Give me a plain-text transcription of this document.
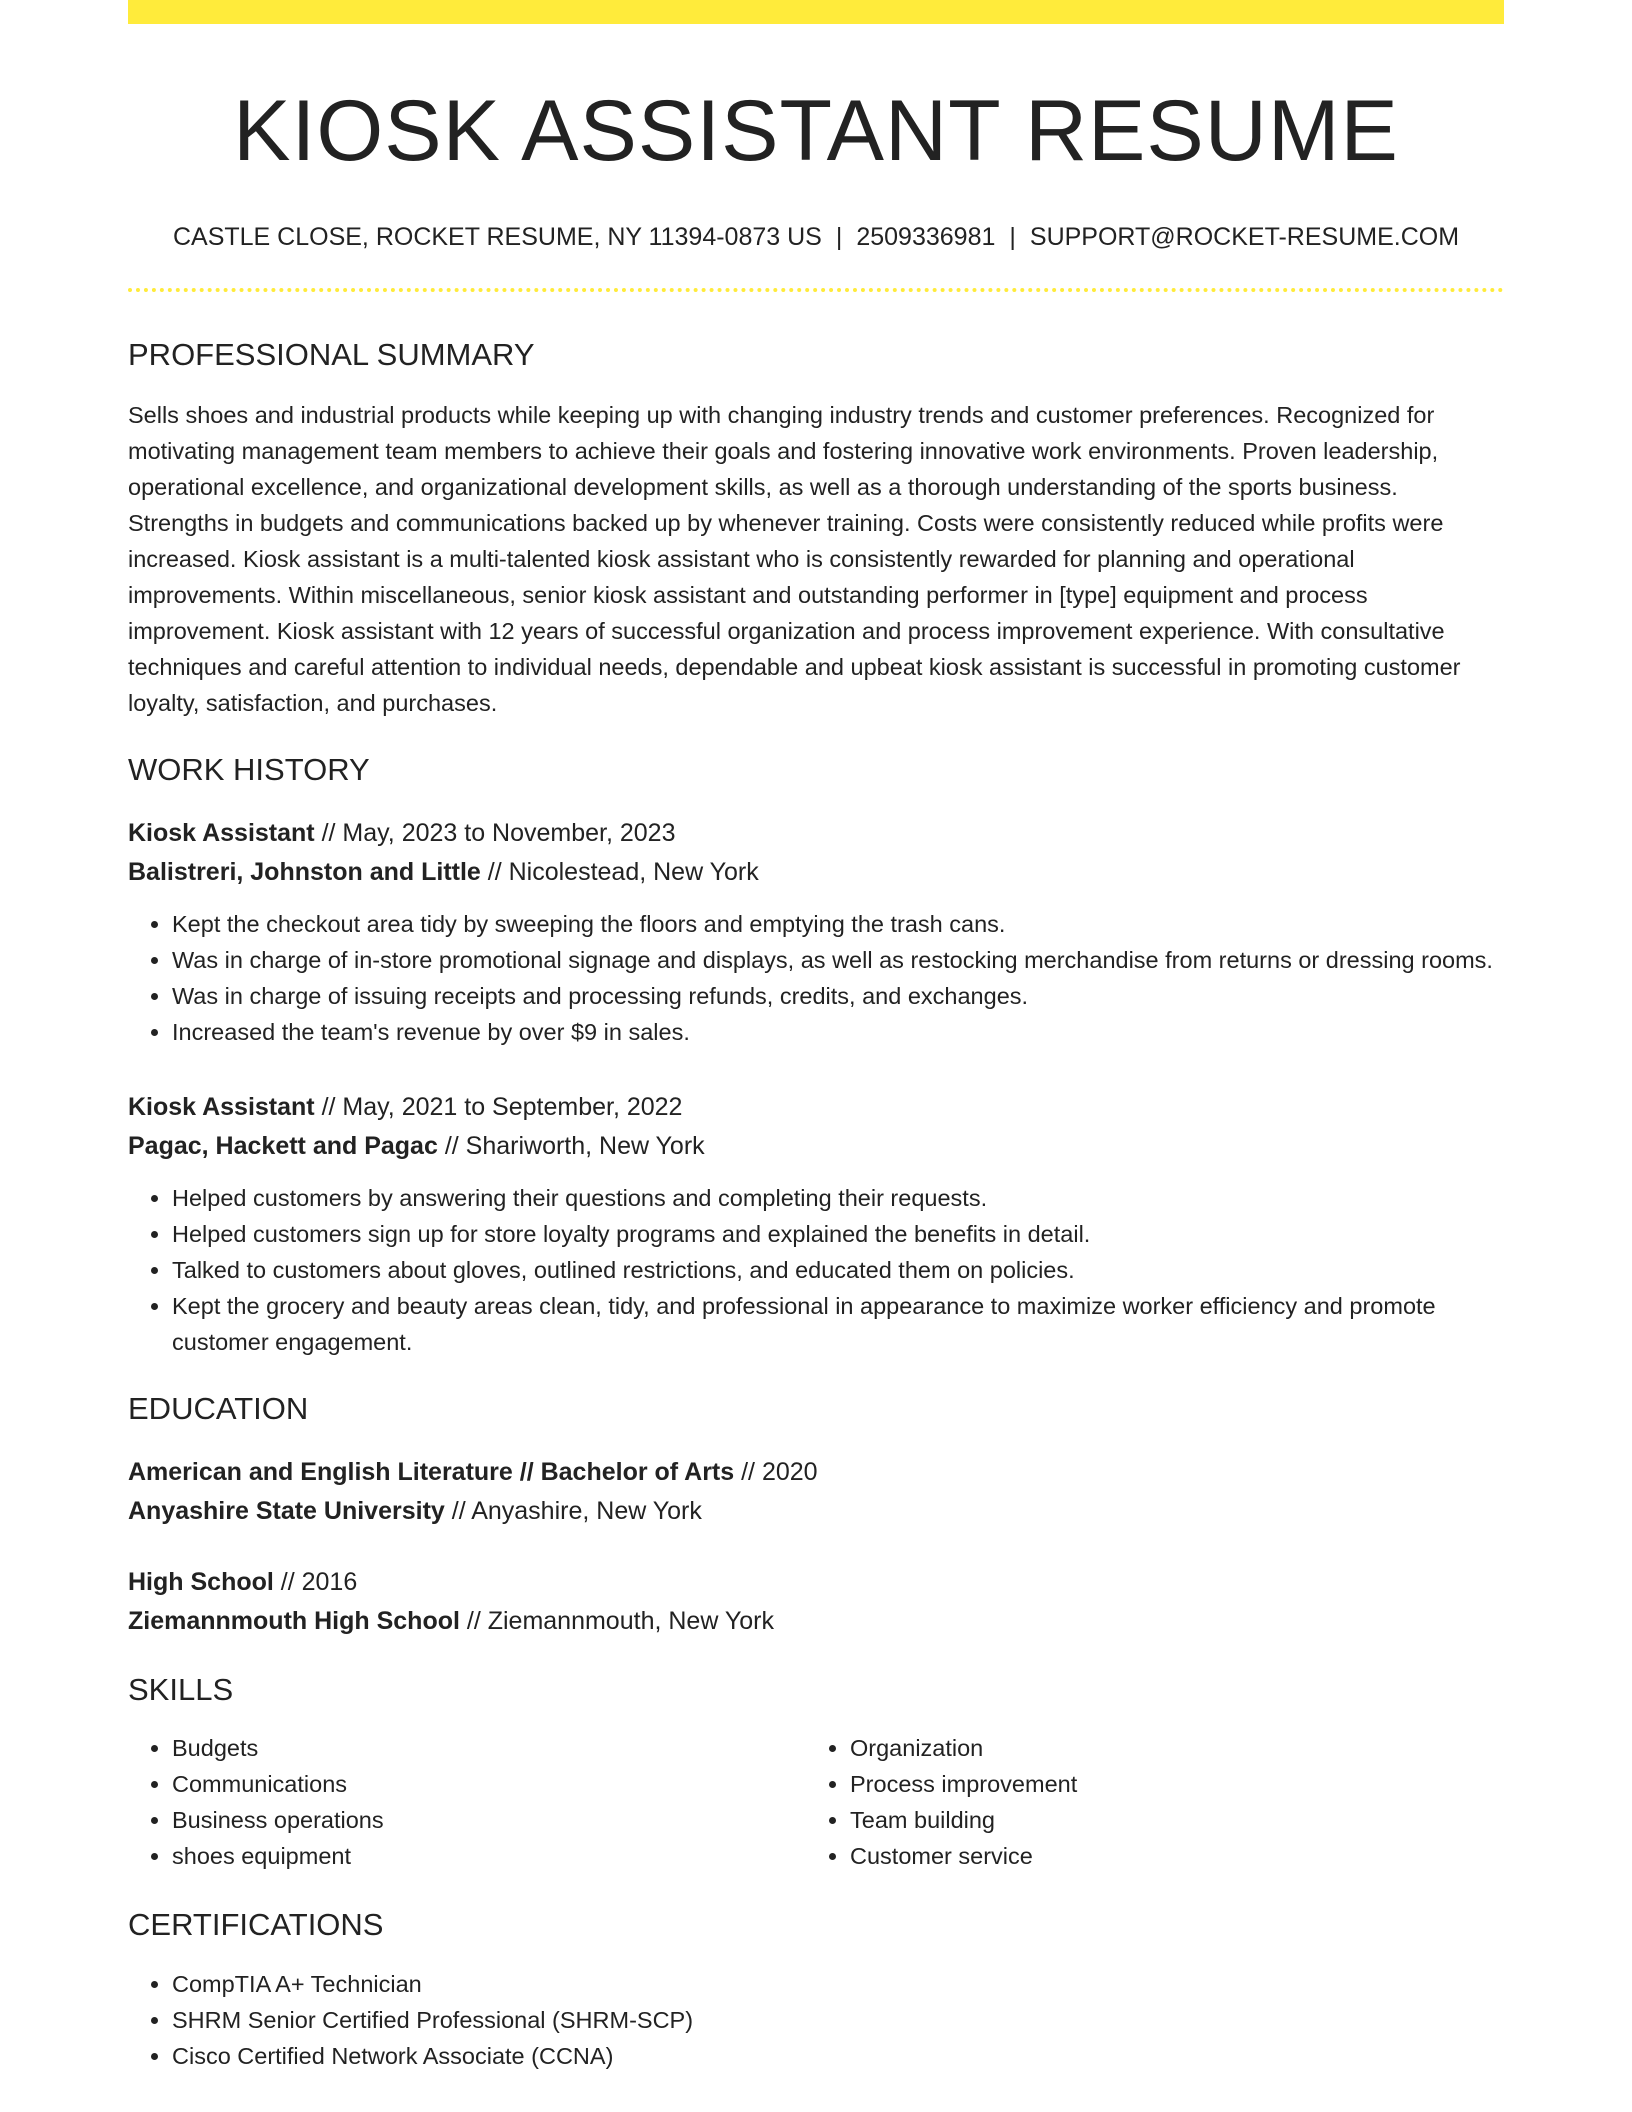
KIOSK ASSISTANT RESUME
CASTLE CLOSE, ROCKET RESUME, NY 11394-0873 US | 2509336981 | SUPPORT@ROCKET-RESUME.COM
PROFESSIONAL SUMMARY
Sells shoes and industrial products while keeping up with changing industry trends and customer preferences. Recognized for motivating management team members to achieve their goals and fostering innovative work environments. Proven leadership, operational excellence, and organizational development skills, as well as a thorough understanding of the sports business. Strengths in budgets and communications backed up by whenever training. Costs were consistently reduced while profits were increased. Kiosk assistant is a multi-talented kiosk assistant who is consistently rewarded for planning and operational improvements. Within miscellaneous, senior kiosk assistant and outstanding performer in [type] equipment and process improvement. Kiosk assistant with 12 years of successful organization and process improvement experience. With consultative techniques and careful attention to individual needs, dependable and upbeat kiosk assistant is successful in promoting customer loyalty, satisfaction, and purchases.
WORK HISTORY
Kiosk Assistant // May, 2023 to November, 2023
Balistreri, Johnston and Little // Nicolestead, New York
• Kept the checkout area tidy by sweeping the floors and emptying the trash cans.
• Was in charge of in-store promotional signage and displays, as well as restocking merchandise from returns or dressing rooms.
• Was in charge of issuing receipts and processing refunds, credits, and exchanges.
• Increased the team's revenue by over $9 in sales.
Kiosk Assistant // May, 2021 to September, 2022
Pagac, Hackett and Pagac // Shariworth, New York
• Helped customers by answering their questions and completing their requests.
• Helped customers sign up for store loyalty programs and explained the benefits in detail.
• Talked to customers about gloves, outlined restrictions, and educated them on policies.
• Kept the grocery and beauty areas clean, tidy, and professional in appearance to maximize worker efficiency and promote customer engagement.
EDUCATION
American and English Literature // Bachelor of Arts // 2020
Anyashire State University // Anyashire, New York
High School // 2016
Ziemannmouth High School // Ziemannmouth, New York
SKILLS
• Budgets
• Communications
• Business operations
• shoes equipment
• Organization
• Process improvement
• Team building
• Customer service
CERTIFICATIONS
• CompTIA A+ Technician
• SHRM Senior Certified Professional (SHRM-SCP)
• Cisco Certified Network Associate (CCNA)
